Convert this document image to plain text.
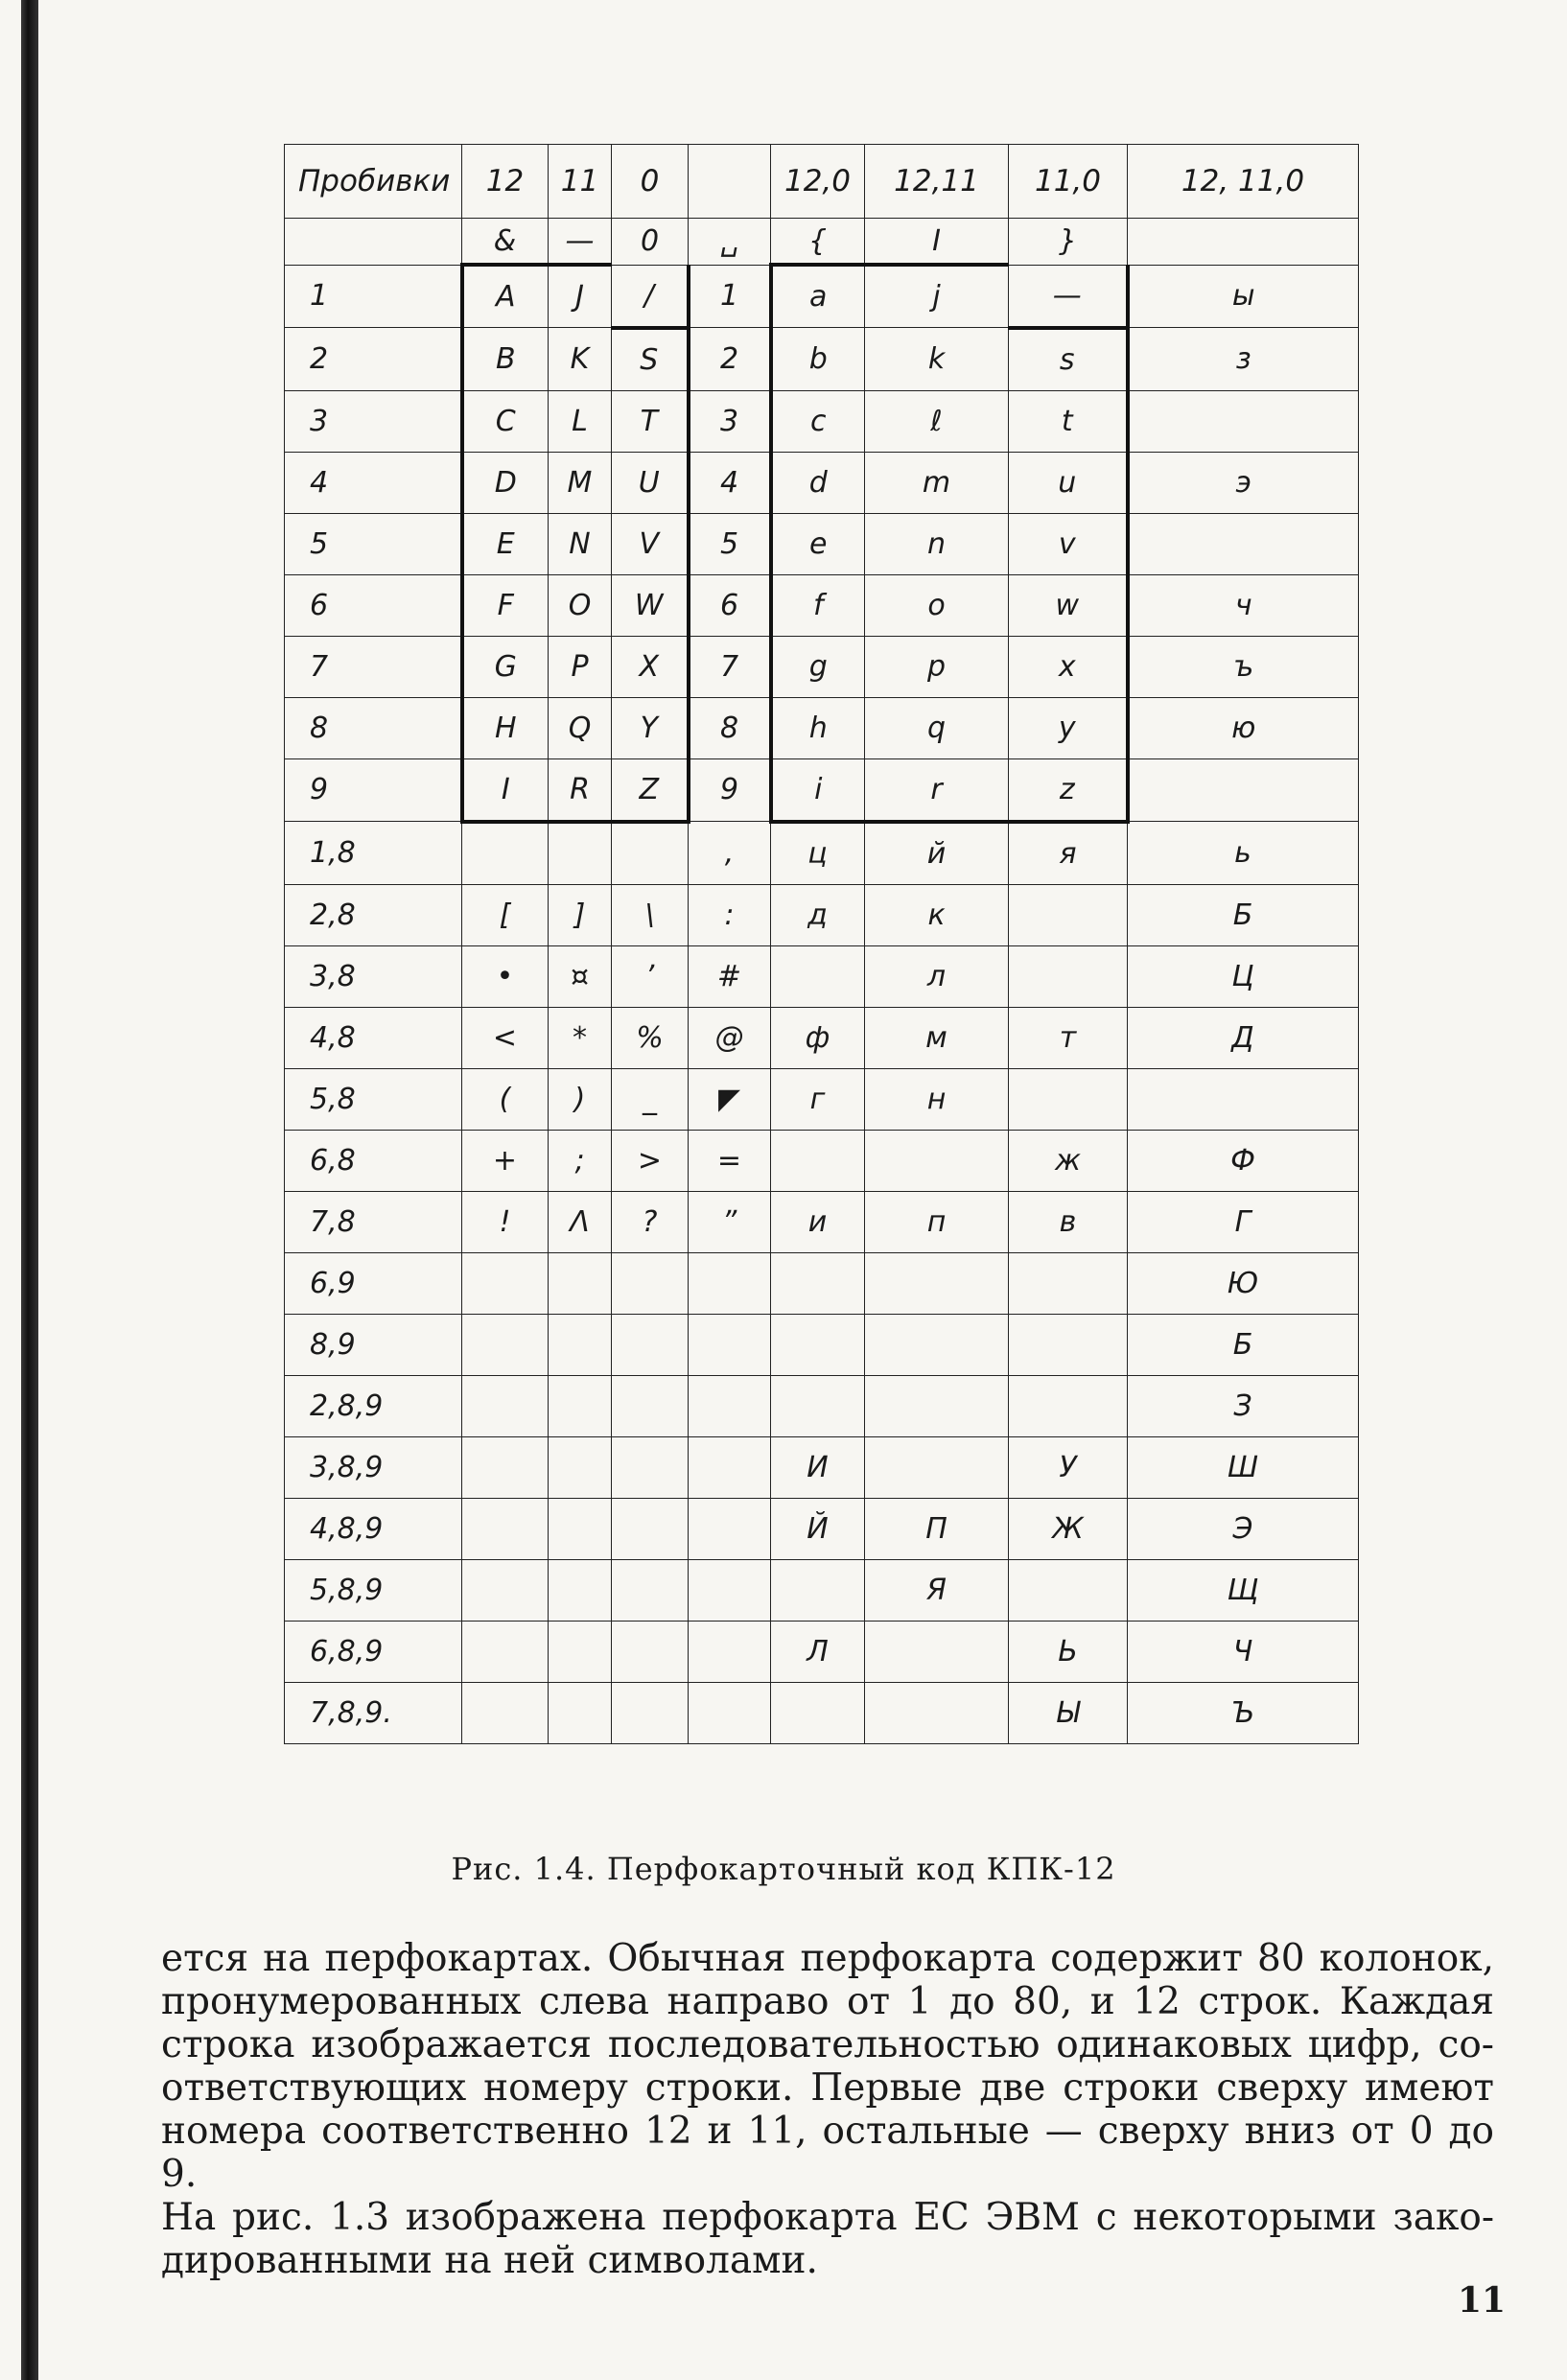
Пробивки	12	11	0		12,0	12,11	11,0	12, 11,0
	&	—	0	␣	{	I	}	
1	A	J	/	1	a	j	—	ы
2	B	K	S	2	b	k	s	з
3	C	L	T	3	c	ℓ	t	
4	D	M	U	4	d	m	u	э
5	E	N	V	5	e	n	v	
6	F	O	W	6	f	o	w	ч
7	G	P	X	7	g	p	x	ъ
8	H	Q	Y	8	h	q	y	ю
9	I	R	Z	9	i	r	z	
1,8				,	ц	й	я	ь
2,8	[	]	\	:	д	к		Б
3,8	•	¤	’	#		л		Ц
4,8	<	*	%	@	ф	м	т	Д
5,8	(	)	_	◤	г	н		
6,8	+	;	>	=			ж	Ф
7,8	!	Λ	?	”	и	п	в	Г
6,9								Ю
8,9								Б
2,8,9								З
3,8,9					И		У	Ш
4,8,9					Й	П	Ж	Э
5,8,9						Я		Щ
6,8,9					Л		Ь	Ч
7,8,9.							Ы	Ъ
Рис. 1.4. Перфокарточный код КПК-12
ется на перфокартах. Обычная перфокарта содержит 80 колонок,
пронумерованных слева направо от 1 до 80, и 12 строк. Каждая
строка изображается последовательностью одинаковых цифр, со-
ответствующих номеру строки. Первые две строки сверху имеют
номера соответственно 12 и 11, остальные — сверху вниз от 0 до 9.
На рис. 1.3 изображена перфокарта ЕС ЭВМ с некоторыми зако-
дированными на ней символами.
11
